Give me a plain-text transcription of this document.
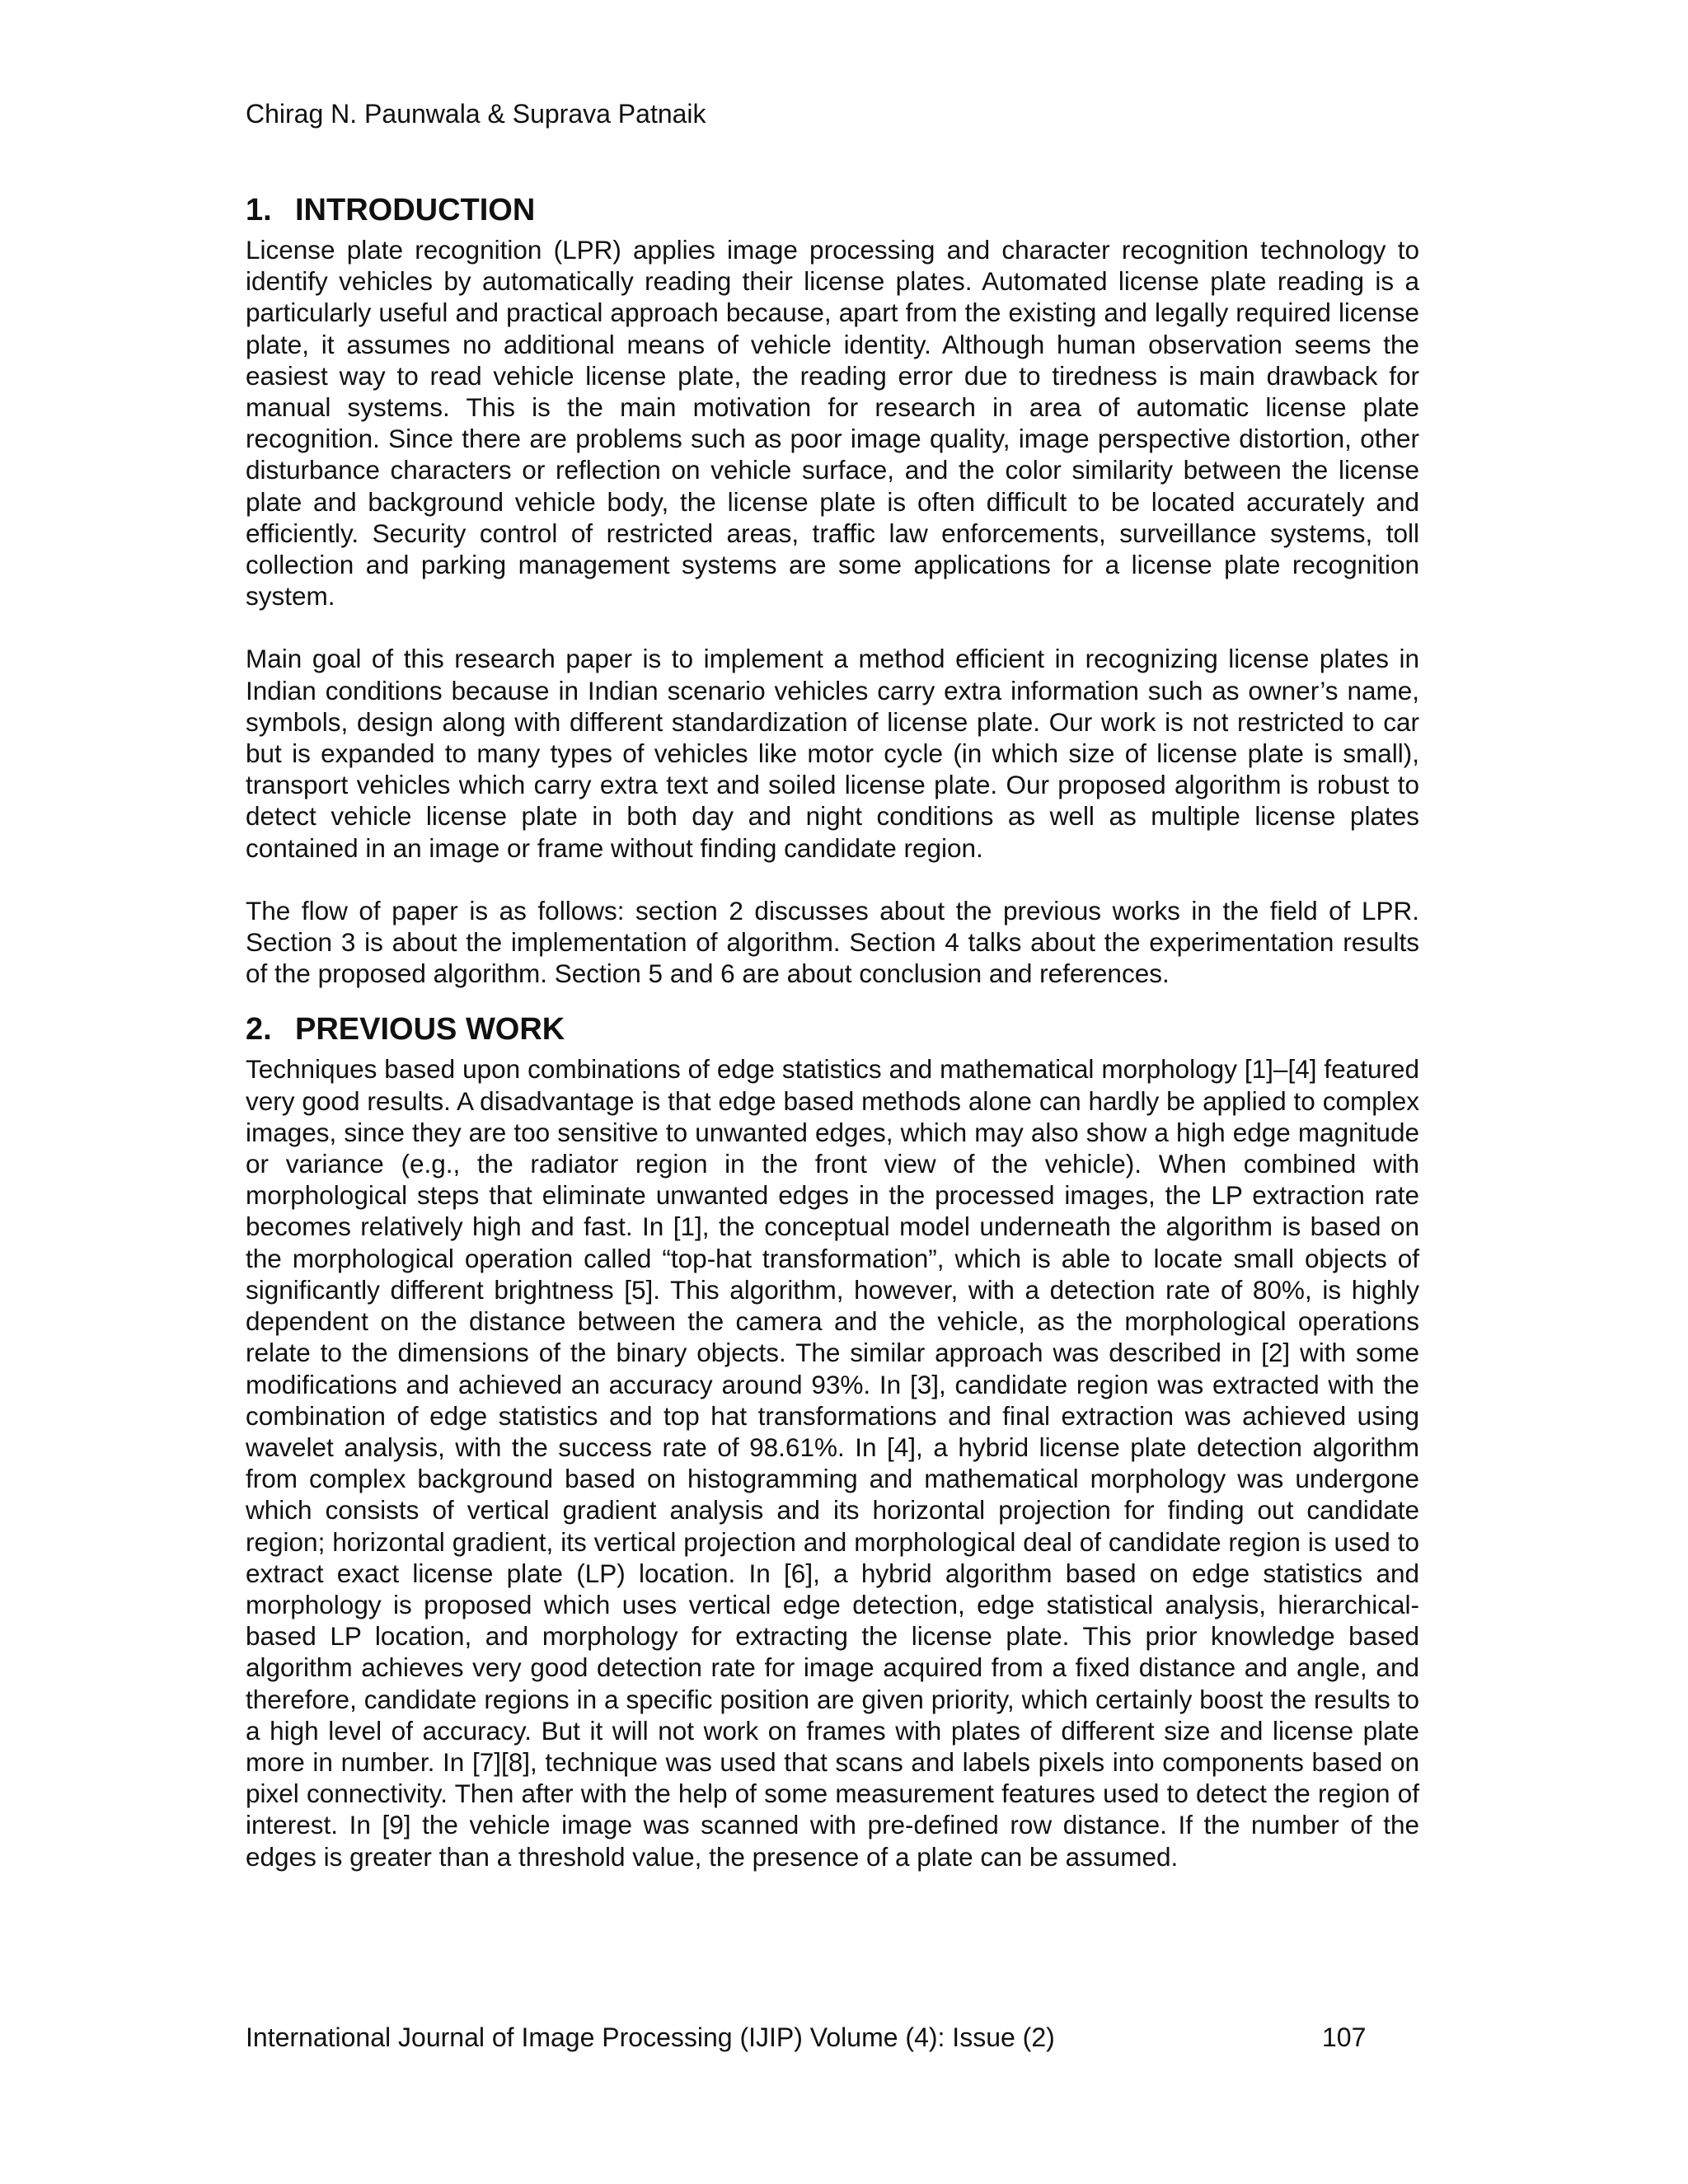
Chirag N. Paunwala & Suprava Patnaik
1. INTRODUCTION

License plate recognition (LPR) applies image processing and character recognition technology to identify vehicles by automatically reading their license plates. Automated license plate reading is a particularly useful and practical approach because, apart from the existing and legally required license plate, it assumes no additional means of vehicle identity. Although human observation seems the easiest way to read vehicle license plate, the reading error due to tiredness is main drawback for manual systems. This is the main motivation for research in area of automatic license plate recognition. Since there are problems such as poor image quality, image perspective distortion, other disturbance characters or reflection on vehicle surface, and the color similarity between the license plate and background vehicle body, the license plate is often difficult to be located accurately and efficiently. Security control of restricted areas, traffic law enforcements, surveillance systems, toll collection and parking management systems are some applications for a license plate recognition system.

Main goal of this research paper is to implement a method efficient in recognizing license plates in Indian conditions because in Indian scenario vehicles carry extra information such as owner’s name, symbols, design along with different standardization of license plate. Our work is not restricted to car but is expanded to many types of vehicles like motor cycle (in which size of license plate is small), transport vehicles which carry extra text and soiled license plate. Our proposed algorithm is robust to detect vehicle license plate in both day and night conditions as well as multiple license plates contained in an image or frame without finding candidate region.

The flow of paper is as follows: section 2 discusses about the previous works in the field of LPR. Section 3 is about the implementation of algorithm. Section 4 talks about the experimentation results of the proposed algorithm. Section 5 and 6 are about conclusion and references.

2. PREVIOUS WORK

Techniques based upon combinations of edge statistics and mathematical morphology [1]–[4] featured very good results. A disadvantage is that edge based methods alone can hardly be applied to complex images, since they are too sensitive to unwanted edges, which may also show a high edge magnitude or variance (e.g., the radiator region in the front view of the vehicle). When combined with morphological steps that eliminate unwanted edges in the processed images, the LP extraction rate becomes relatively high and fast. In [1], the conceptual model underneath the algorithm is based on the morphological operation called “top-hat transformation”, which is able to locate small objects of significantly different brightness [5]. This algorithm, however, with a detection rate of 80%, is highly dependent on the distance between the camera and the vehicle, as the morphological operations relate to the dimensions of the binary objects. The similar approach was described in [2] with some modifications and achieved an accuracy around 93%. In [3], candidate region was extracted with the combination of edge statistics and top hat transformations and final extraction was achieved using wavelet analysis, with the success rate of 98.61%. In [4], a hybrid license plate detection algorithm from complex background based on histogramming and mathematical morphology was undergone which consists of vertical gradient analysis and its horizontal projection for finding out candidate region; horizontal gradient, its vertical projection and morphological deal of candidate region is used to extract exact license plate (LP) location. In [6], a hybrid algorithm based on edge statistics and morphology is proposed which uses vertical edge detection, edge statistical analysis, hierarchical-based LP location, and morphology for extracting the license plate. This prior knowledge based algorithm achieves very good detection rate for image acquired from a fixed distance and angle, and therefore, candidate regions in a specific position are given priority, which certainly boost the results to a high level of accuracy. But it will not work on frames with plates of different size and license plate more in number. In [7][8], technique was used that scans and labels pixels into components based on pixel connectivity. Then after with the help of some measurement features used to detect the region of interest. In [9] the vehicle image was scanned with pre-defined row distance. If the number of the edges is greater than a threshold value, the presence of a plate can be assumed.

International Journal of Image Processing (IJIP) Volume (4): Issue (2)	107
